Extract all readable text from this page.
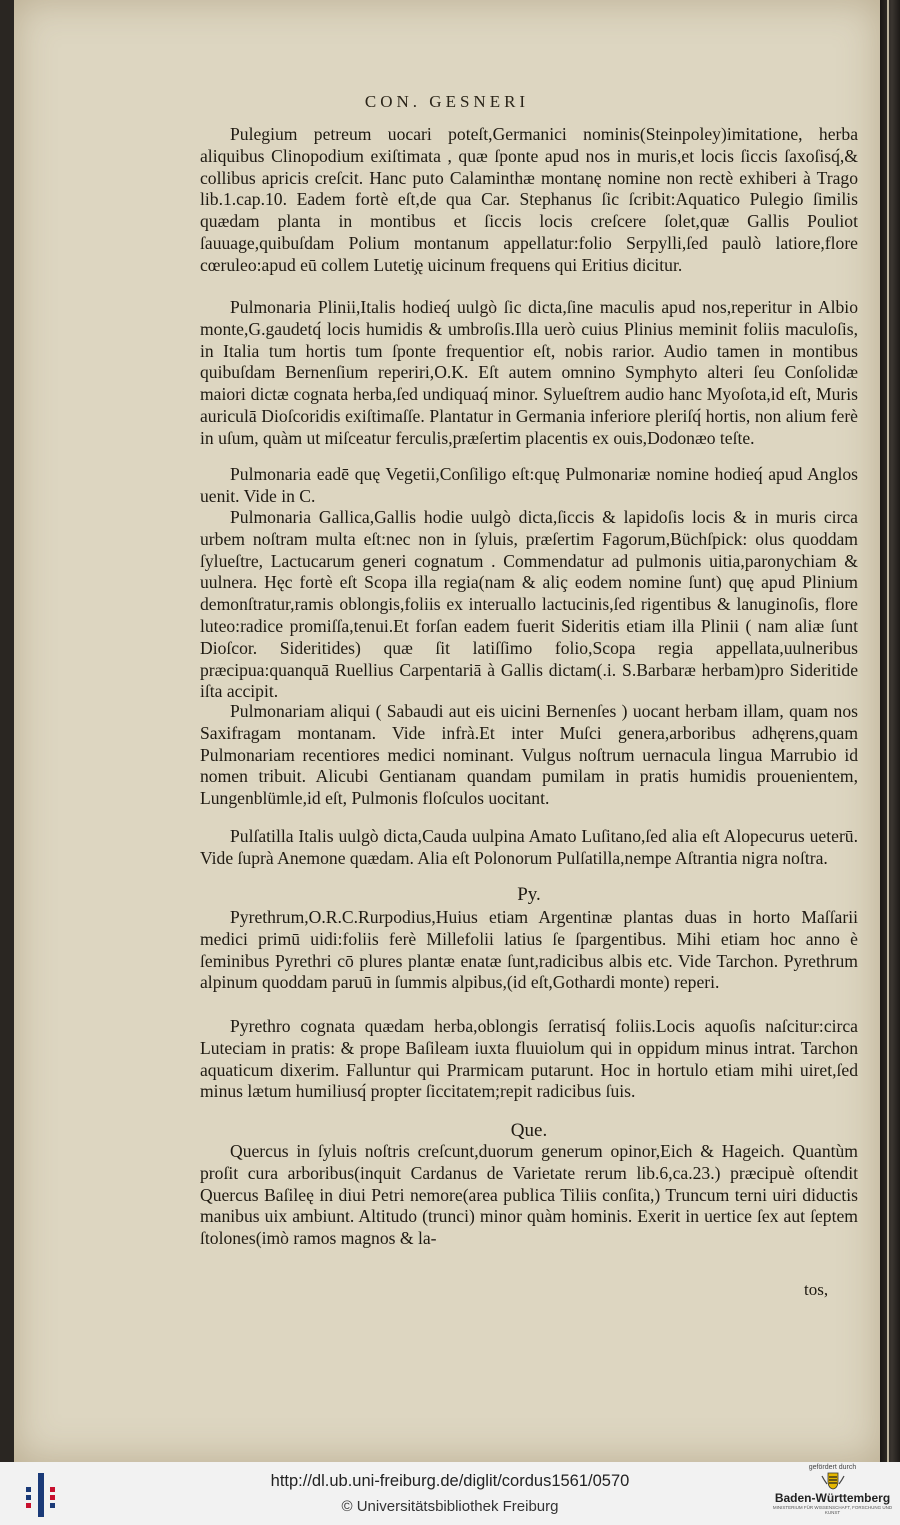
CON. GESNERI
Pulegium petreum uocari poteſt,Germanici nominis(Steinpoley)imitatione, herba aliquibus Clinopodium exiſtimata , quæ ſponte apud nos in muris,et locis ſiccis ſaxoſisq́,& collibus apricis creſcit. Hanc puto Calaminthæ montanę nomine non rectè exhiberi à Trago lib.1.cap.10. Eadem fortè eſt,de qua Car. Stephanus ſic ſcribit:Aquatico Pulegio ſimilis quædam planta in montibus et ſiccis locis creſcere ſolet,quæ Gallis Pouliot ſauuage,quibuſdam Polium montanum appellatur:folio Serpylli,ſed paulò latiore,flore cœruleo:apud eū collem Luteti̧ę uicinum frequens qui Eritius dicitur.
Pulmonaria Plinii,Italis hodieq́ uulgò ſic dicta,ſine maculis apud nos,reperitur in Albio monte,G.gaudetq́ locis humidis & umbroſis.Illa uerò cuius Plinius meminit foliis maculoſis, in Italia tum hortis tum ſponte frequentior eſt, nobis rarior. Audio tamen in montibus quibuſdam Bernenſium reperiri,O.K. Eſt autem omnino Symphyto alteri ſeu Conſolidæ maiori dictæ cognata herba,ſed undiquaq́ minor. Sylueſtrem audio hanc Myoſota,id eſt, Muris auriculā Dioſcoridis exiſtimaſſe. Plantatur in Germania inferiore pleriſq́ hortis, non alium ferè in uſum, quàm ut miſceatur ferculis,præſertim placentis ex ouis,Dodonæo teſte.
Pulmonaria eadē quę Vegetii,Conſiligo eſt:quę Pulmonariæ nomine hodieq́ apud Anglos uenit. Vide in C.
Pulmonaria Gallica,Gallis hodie uulgò dicta,ſiccis & lapidoſis locis & in muris circa urbem noſtram multa eſt:nec non in ſyluis, præſertim Fagorum,Büchſpick: olus quoddam ſylueſtre, Lactucarum generi cognatum . Commendatur ad pulmonis uitia,paronychiam & uulnera. Hęc fortè eſt Scopa illa regia(nam & aliç eodem nomine ſunt) quę apud Plinium demonſtratur,ramis oblongis,foliis ex interuallo lactucinis,ſed rigentibus & lanuginoſis, flore luteo:radice promiſſa,tenui.Et forſan eadem fuerit Sideritis etiam illa Plinii ( nam aliæ ſunt Dioſcor. Sideritides) quæ ſit latiſſimo folio,Scopa regia appellata,uulneribus præcipua:quanquā Ruellius Carpentariā à Gallis dictam(.i. S.Barbaræ herbam)pro Sideritide iſta accipit.
Pulmonariam aliqui ( Sabaudi aut eis uicini Bernenſes ) uocant herbam illam, quam nos Saxifragam montanam. Vide infrà.Et inter Muſci genera,arboribus adhęrens,quam Pulmonariam recentiores medici nominant. Vulgus noſtrum uernacula lingua Marrubio id nomen tribuit. Alicubi Gentianam quandam pumilam in pratis humidis prouenientem, Lungenblümle,id eſt, Pulmonis floſculos uocitant.
Pulſatilla Italis uulgò dicta,Cauda uulpina Amato Luſitano,ſed alia eſt Alopecurus ueterū. Vide ſuprà Anemone quædam. Alia eſt Polonorum Pulſatilla,nempe Aſtrantia nigra noſtra.
Py.
Pyrethrum,O.R.C.Rurpodius,Huius etiam Argentinæ plantas duas in horto Maſſarii medici primū uidi:foliis ferè Millefolii latius ſe ſpargentibus. Mihi etiam hoc anno è ſeminibus Pyrethri cō plures plantæ enatæ ſunt,radicibus albis etc. Vide Tarchon. Pyrethrum alpinum quoddam paruū in ſummis alpibus,(id eſt,Gothardi monte) reperi.
Pyrethro cognata quædam herba,oblongis ſerratisq́ foliis.Locis aquoſis naſcitur:circa Luteciam in pratis: & prope Baſileam iuxta fluuiolum qui in oppidum minus intrat. Tarchon aquaticum dixerim. Falluntur qui Prarmicam putarunt. Hoc in hortulo etiam mihi uiret,ſed minus lætum humiliusq́ propter ſiccitatem;repit radicibus ſuis.
Que.
Quercus in ſyluis noſtris creſcunt,duorum generum opinor,Eich & Hageich. Quantùm proſit cura arboribus(inquit Cardanus de Varietate rerum lib.6,ca.23.) præcipuè oſtendit Quercus Baſileę in diui Petri nemore(area publica Tiliis conſita,) Truncum terni uiri diductis manibus uix ambiunt. Altitudo (trunci) minor quàm hominis. Exerit in uertice ſex aut ſeptem ſtolones(imò ramos magnos & la-
tos,
http://dl.ub.uni-freiburg.de/diglit/cordus1561/0570
© Universitätsbibliothek Freiburg
gefördert durch
Baden-Württemberg
MINISTERIUM FÜR WISSENSCHAFT, FORSCHUNG UND KUNST
